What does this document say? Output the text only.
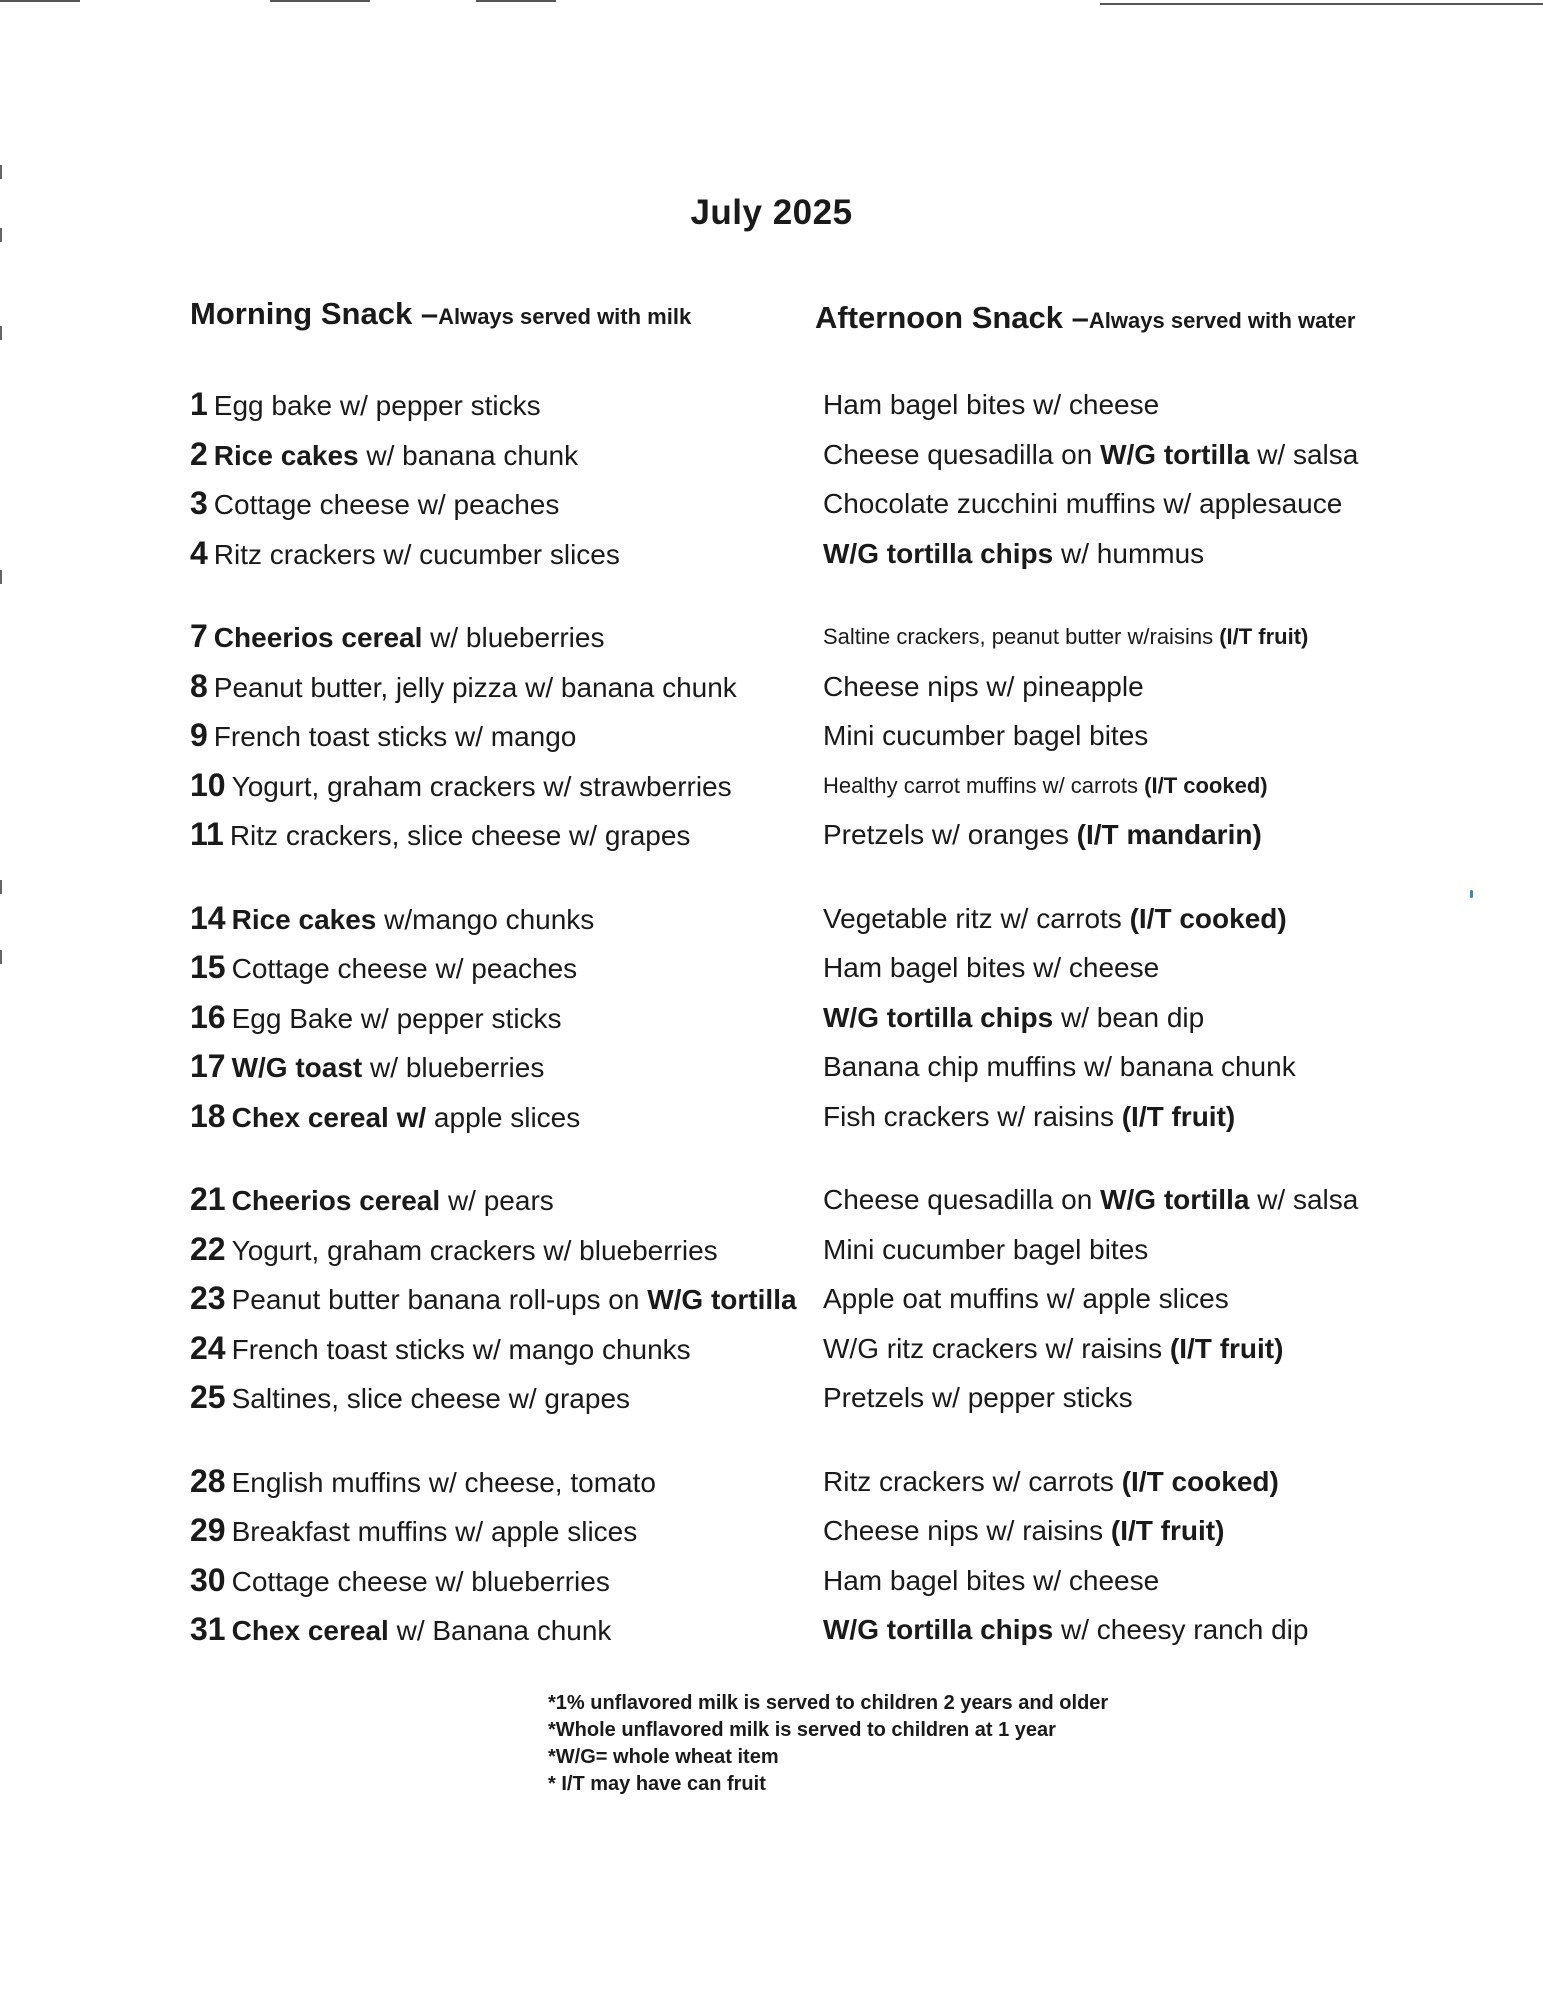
July 2025
Morning Snack –Always served with milk	Afternoon Snack –Always served with water
1 Egg bake w/ pepper sticks
2 Rice cakes w/ banana chunk
3 Cottage cheese w/ peaches
4 Ritz crackers w/ cucumber slices
7 Cheerios cereal w/ blueberries
8 Peanut butter, jelly pizza w/ banana chunk
9 French toast sticks w/ mango
10 Yogurt, graham crackers w/ strawberries
11 Ritz crackers, slice cheese w/ grapes
14 Rice cakes w/mango chunks
15 Cottage cheese w/ peaches
16 Egg Bake w/ pepper sticks
17 W/G toast w/ blueberries
18 Chex cereal w/ apple slices
21 Cheerios cereal w/ pears
22 Yogurt, graham crackers w/ blueberries
23 Peanut butter banana roll-ups on W/G tortilla
24 French toast sticks w/ mango chunks
25 Saltines, slice cheese w/ grapes
28 English muffins w/ cheese, tomato
29 Breakfast muffins w/ apple slices
30 Cottage cheese w/ blueberries
31 Chex cereal w/ Banana chunk
Ham bagel bites w/ cheese
Cheese quesadilla on W/G tortilla w/ salsa
Chocolate zucchini muffins w/ applesauce
W/G tortilla chips w/ hummus
Saltine crackers, peanut butter w/raisins (I/T fruit)
Cheese nips w/ pineapple
Mini cucumber bagel bites
Healthy carrot muffins w/ carrots (I/T cooked)
Pretzels w/ oranges (I/T mandarin)
Vegetable ritz w/ carrots (I/T cooked)
Ham bagel bites w/ cheese
W/G tortilla chips w/ bean dip
Banana chip muffins w/ banana chunk
Fish crackers w/ raisins (I/T fruit)
Cheese quesadilla on W/G tortilla w/ salsa
Mini cucumber bagel bites
Apple oat muffins w/ apple slices
W/G ritz crackers w/ raisins (I/T fruit)
Pretzels w/ pepper sticks
Ritz crackers w/ carrots (I/T cooked)
Cheese nips w/ raisins (I/T fruit)
Ham bagel bites w/ cheese
W/G tortilla chips w/ cheesy ranch dip
*1% unflavored milk is served to children 2 years and older
*Whole unflavored milk is served to children at 1 year
*W/G= whole wheat item
* I/T may have can fruit
